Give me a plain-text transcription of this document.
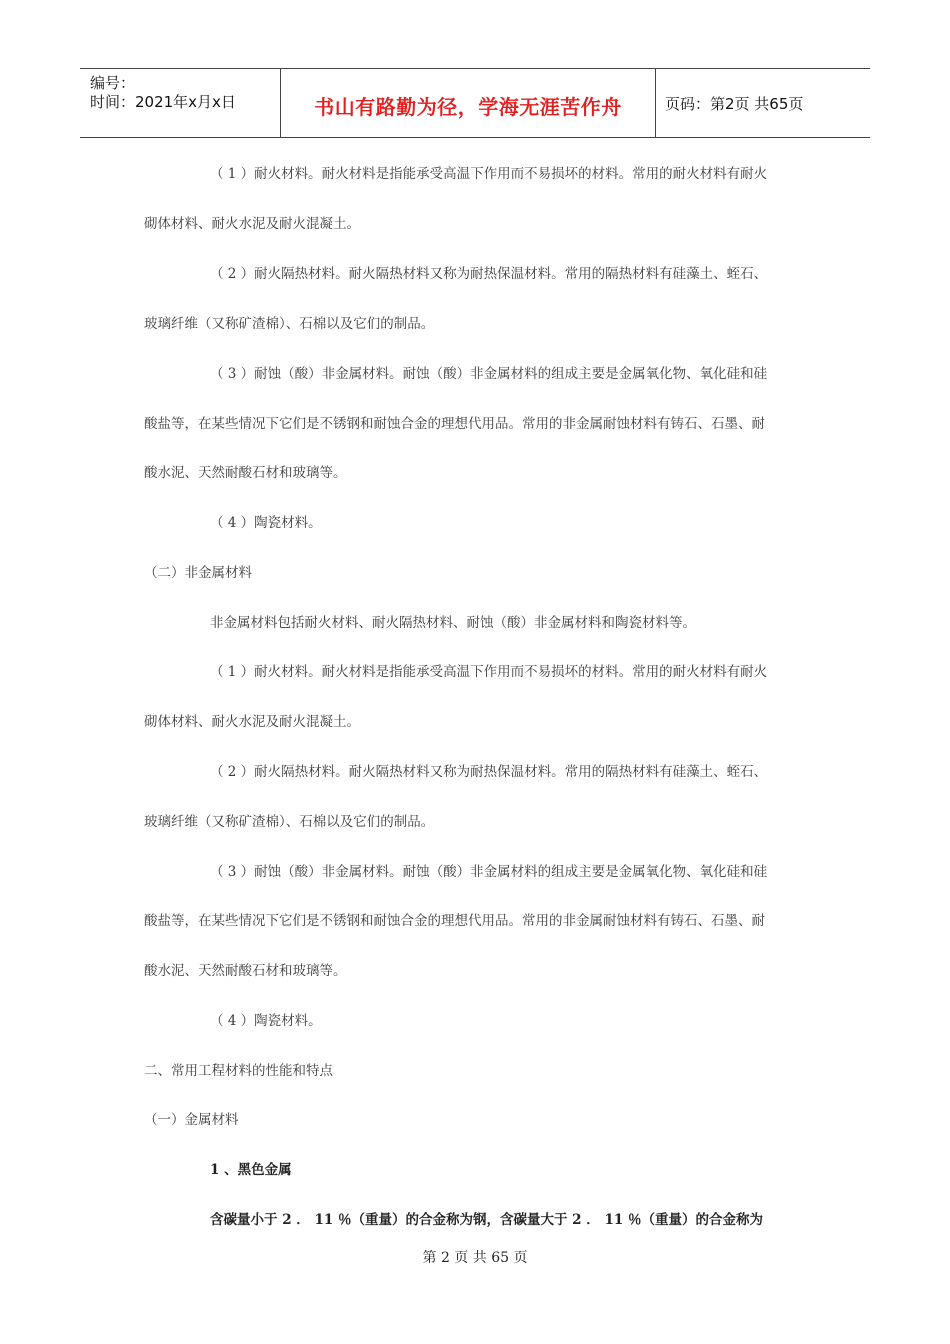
编号：
时间：2021年x月x日	书山有路勤为径，学海无涯苦作舟	页码：第2页 共65页
（ 1 ）耐火材料。耐火材料是指能承受高温下作用而不易损坏的材料。常用的耐火材料有耐火
砌体材料、耐火水泥及耐火混凝土。
（ 2 ）耐火隔热材料。耐火隔热材料又称为耐热保温材料。常用的隔热材料有硅藻土、蛭石、
玻璃纤维（又称矿渣棉）、石棉以及它们的制品。
（ 3 ）耐蚀（酸）非金属材料。耐蚀（酸）非金属材料的组成主要是金属氧化物、氧化硅和硅
酸盐等，在某些情况下它们是不锈钢和耐蚀合金的理想代用品。常用的非金属耐蚀材料有铸石、石墨、耐
酸水泥、天然耐酸石材和玻璃等。
（ 4 ）陶瓷材料。
（二）非金属材料
非金属材料包括耐火材料、耐火隔热材料、耐蚀（酸）非金属材料和陶瓷材料等。
（ 1 ）耐火材料。耐火材料是指能承受高温下作用而不易损坏的材料。常用的耐火材料有耐火
砌体材料、耐火水泥及耐火混凝土。
（ 2 ）耐火隔热材料。耐火隔热材料又称为耐热保温材料。常用的隔热材料有硅藻土、蛭石、
玻璃纤维（又称矿渣棉）、石棉以及它们的制品。
（ 3 ）耐蚀（酸）非金属材料。耐蚀（酸）非金属材料的组成主要是金属氧化物、氧化硅和硅
酸盐等，在某些情况下它们是不锈钢和耐蚀合金的理想代用品。常用的非金属耐蚀材料有铸石、石墨、耐
酸水泥、天然耐酸石材和玻璃等。
（ 4 ）陶瓷材料。
二、常用工程材料的性能和特点
（一）金属材料
1 、黑色金属
含碳量小于 2 ． 11 ％（重量）的合金称为钢，含碳量大于 2 ． 11 ％（重量）的合金称为
第 2 页 共 65 页
